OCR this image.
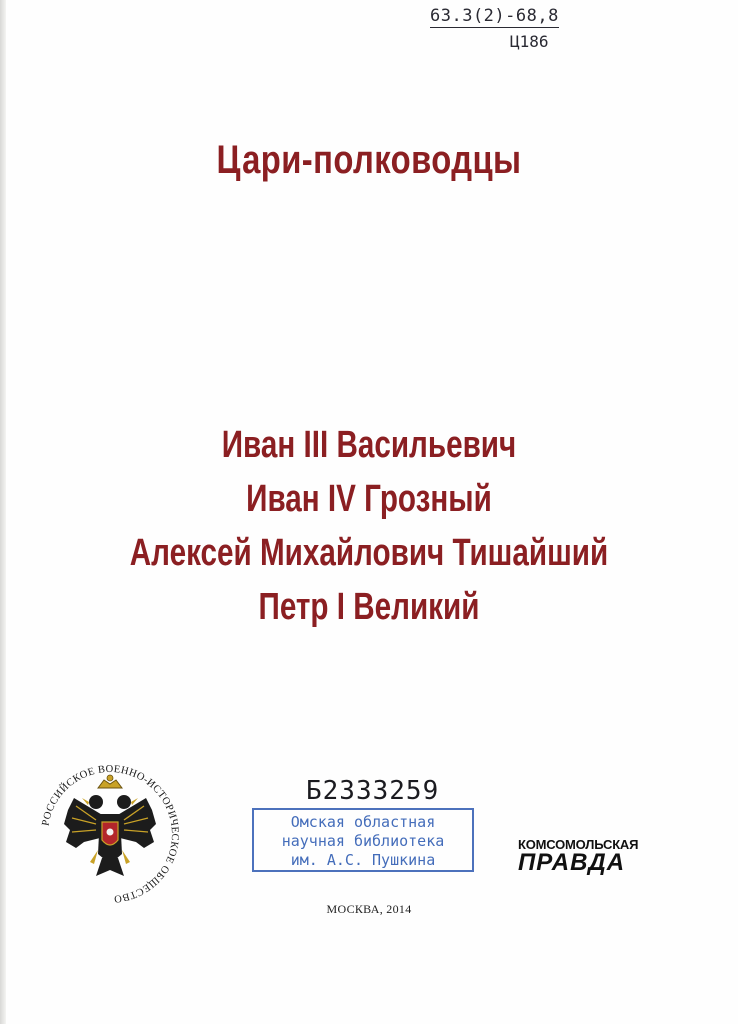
63.3(2)-68,8
Ц186
Цари-полководцы
Иван III Васильевич
Иван IV Грозный
Алексей Михайлович Тишайший
Петр I Великий
РОССИЙСКОЕ ВОЕННО-ИСТОРИЧЕСКОЕ ОБЩЕСТВО
Б2333259
Омская областная
научная библиотека
им. А.С. Пушкина
КОМСОМОЛЬСКАЯ
ПРАВДА
МОСКВА, 2014
